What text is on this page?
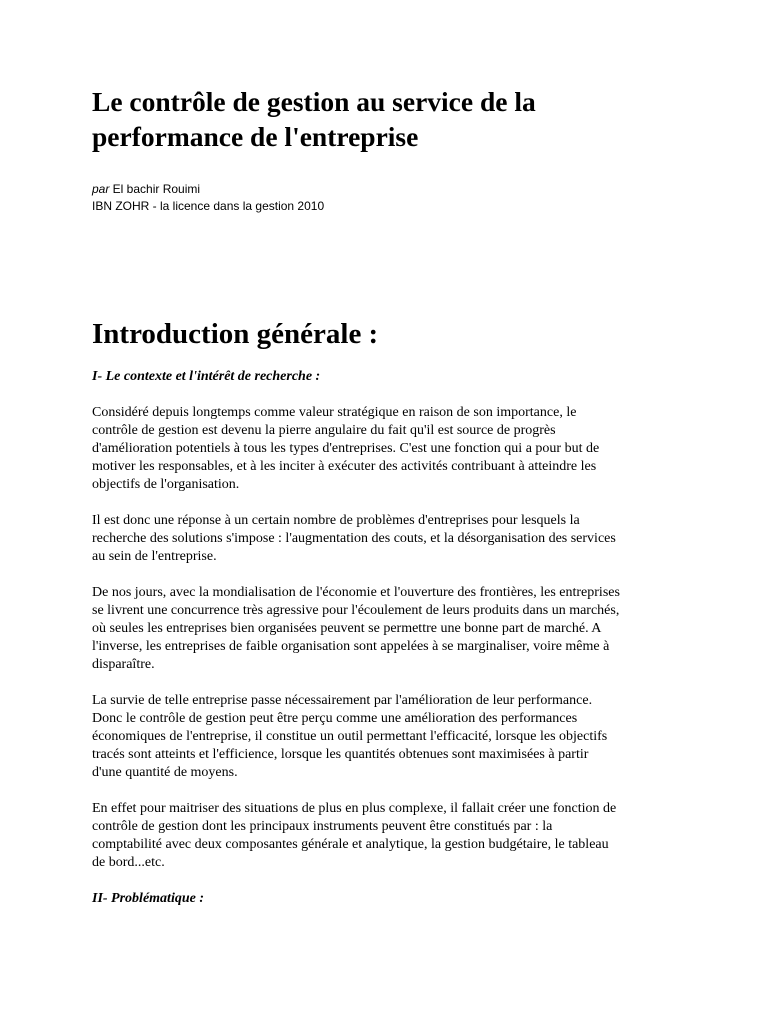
Le contrôle de gestion au service de la
performance de l'entreprise

par El bachir Rouimi

IBN ZOHR - la licence dans la gestion 2010

Introduction générale :

I- Le contexte et l'intérêt de recherche :

Considéré depuis longtemps comme valeur stratégique en raison de son importance, le
contrôle de gestion est devenu la pierre angulaire du fait qu'il est source de progrès
d'amélioration potentiels à tous les types d'entreprises. C'est une fonction qui a pour but de
motiver les responsables, et à les inciter à exécuter des activités contribuant à atteindre les
objectifs de l'organisation.

Il est donc une réponse à un certain nombre de problèmes d'entreprises pour lesquels la
recherche des solutions s'impose : l'augmentation des couts, et la désorganisation des services
au sein de l'entreprise.

De nos jours, avec la mondialisation de l'économie et l'ouverture des frontières, les entreprises
se livrent une concurrence très agressive pour l'écoulement de leurs produits dans un marchés,
où seules les entreprises bien organisées peuvent se permettre une bonne part de marché. A
l'inverse, les entreprises de faible organisation sont appelées à se marginaliser, voire même à
disparaître.

La survie de telle entreprise passe nécessairement par l'amélioration de leur performance.
Donc le contrôle de gestion peut être perçu comme une amélioration des performances
économiques de l'entreprise, il constitue un outil permettant l'efficacité, lorsque les objectifs
tracés sont atteints et l'efficience, lorsque les quantités obtenues sont maximisées à partir
d'une quantité de moyens.

En effet pour maitriser des situations de plus en plus complexe, il fallait créer une fonction de
contrôle de gestion dont les principaux instruments peuvent être constitués par : la
comptabilité avec deux composantes générale et analytique, la gestion budgétaire, le tableau
de bord...etc.

II- Problématique :
